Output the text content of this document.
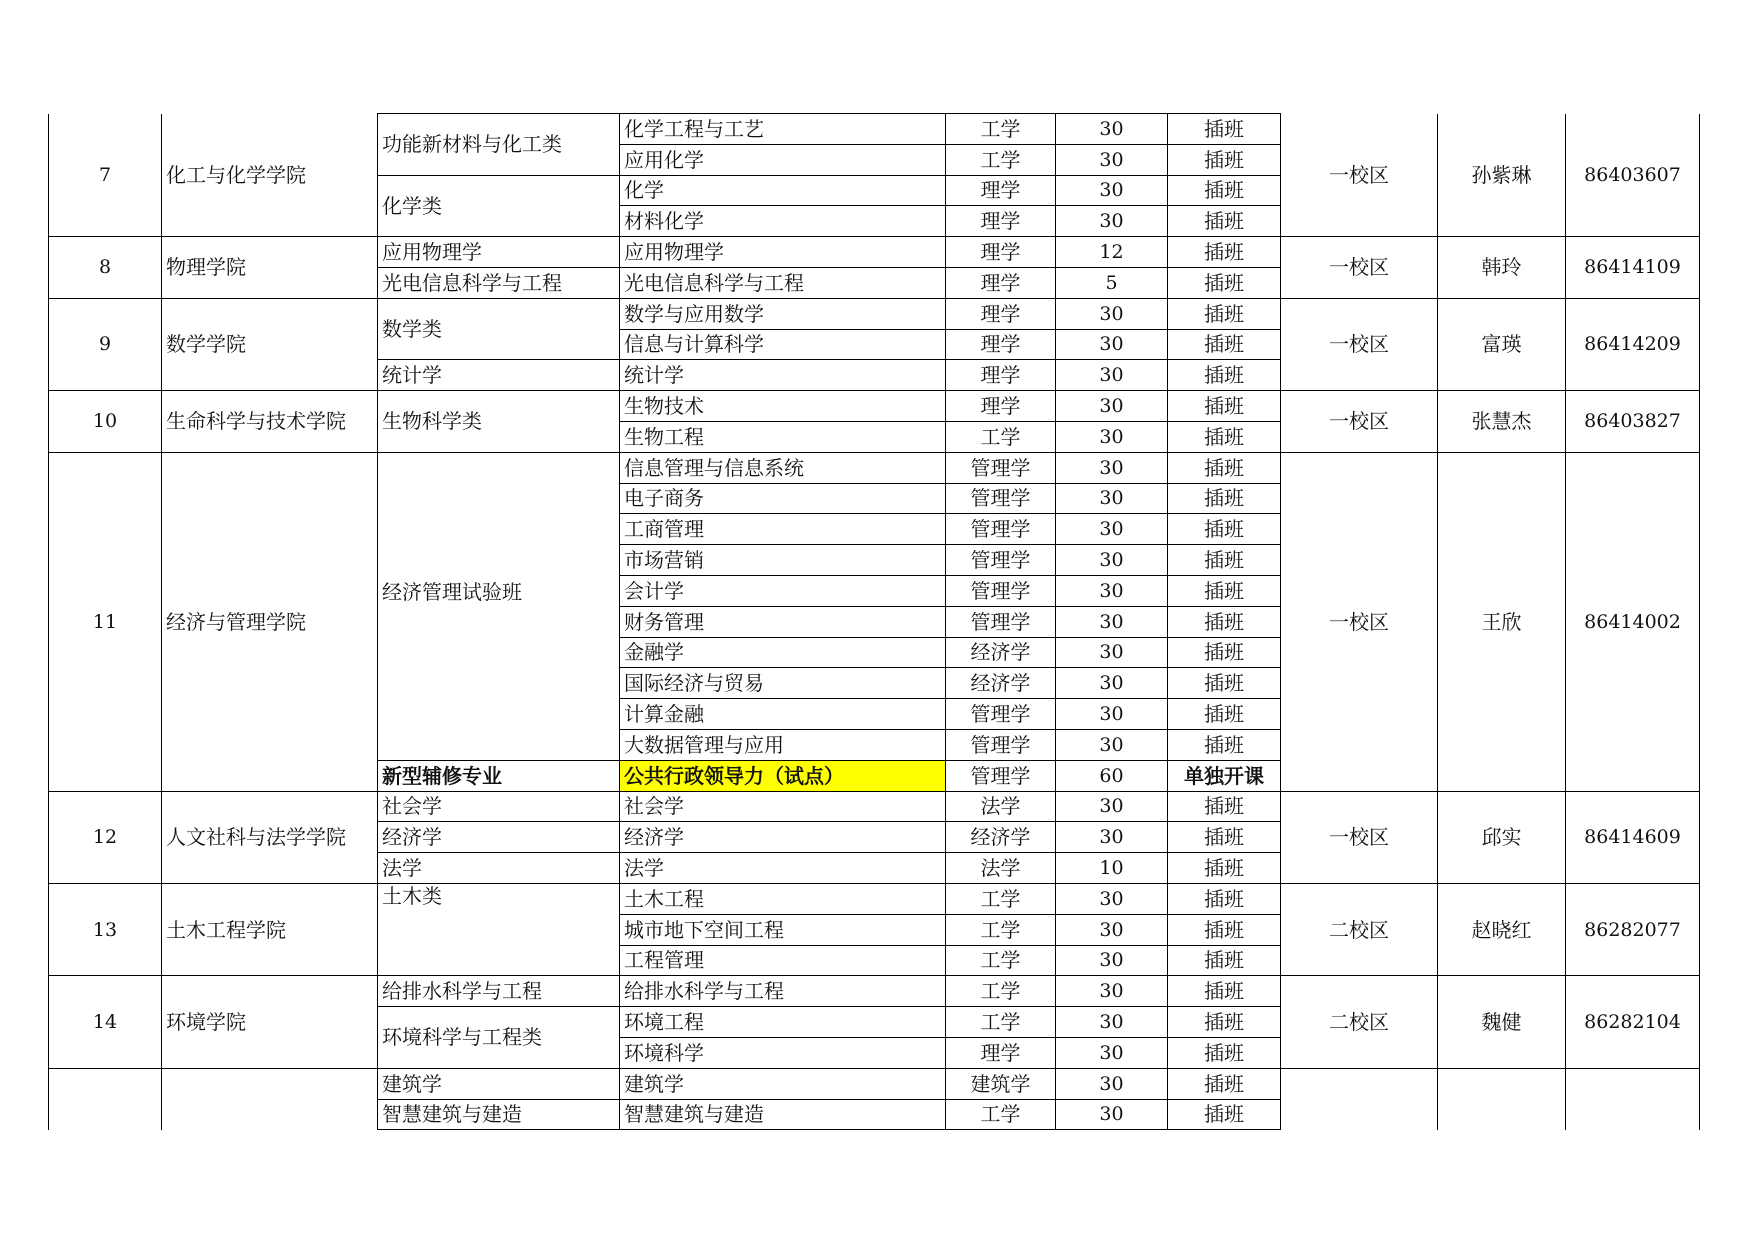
7	化工与化学学院	功能新材料与化工类	化学工程与工艺	工学	30	插班	一校区	孙紫琳	86403607
			应用化学	工学	30	插班			
		化学类	化学	理学	30	插班			
			材料化学	理学	30	插班			
8	物理学院	应用物理学	应用物理学	理学	12	插班	一校区	韩玲	86414109
		光电信息科学与工程	光电信息科学与工程	理学	5	插班			
9	数学学院	数学类	数学与应用数学	理学	30	插班	一校区	富瑛	86414209
			信息与计算科学	理学	30	插班			
		统计学	统计学	理学	30	插班			
10	生命科学与技术学院	生物科学类	生物技术	理学	30	插班	一校区	张慧杰	86403827
			生物工程	工学	30	插班			
11	经济与管理学院	经济管理试验班	信息管理与信息系统	管理学	30	插班	一校区	王欣	86414002
			电子商务	管理学	30	插班			
			工商管理	管理学	30	插班			
			市场营销	管理学	30	插班			
			会计学	管理学	30	插班			
			财务管理	管理学	30	插班			
			金融学	经济学	30	插班			
			国际经济与贸易	经济学	30	插班			
			计算金融	管理学	30	插班			
			大数据管理与应用	管理学	30	插班			
		新型辅修专业	公共行政领导力（试点）	管理学	60	单独开课			
12	人文社科与法学学院	社会学	社会学	法学	30	插班	一校区	邱实	86414609
		经济学	经济学	经济学	30	插班			
		法学	法学	法学	10	插班			
13	土木工程学院	土木类	土木工程	工学	30	插班	二校区	赵晓红	86282077
			城市地下空间工程	工学	30	插班			
			工程管理	工学	30	插班			
14	环境学院	给排水科学与工程	给排水科学与工程	工学	30	插班	二校区	魏健	86282104
		环境科学与工程类	环境工程	工学	30	插班			
			环境科学	理学	30	插班			
		建筑学	建筑学	建筑学	30	插班			
		智慧建筑与建造	智慧建筑与建造	工学	30	插班			
